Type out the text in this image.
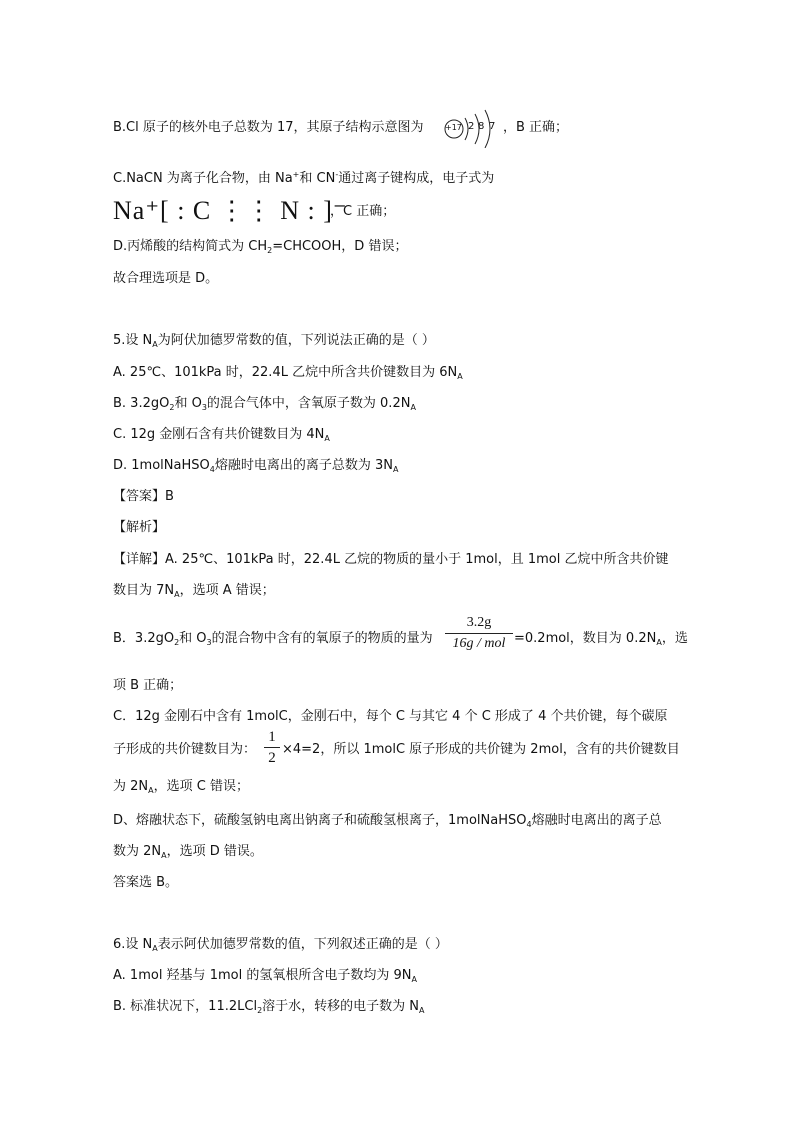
B.Cl 原子的核外电子总数为 17，其原子结构示意图为	+17 2 8 7 ，B 正确；
C.NaCN 为离子化合物，由 Na+和 CN-通过离子键构成，电子式为
Na⁺[ : C ⋮⋮ N : ]⁻
，C 正确；
D.丙烯酸的结构简式为 $CH_2=CHCOOH$，D 错误；
故合理选项是 D。
5.设 $N_A$为阿伏加德罗常数的值，下列说法正确的是（ ）
A. 25℃、101kPa 时，22.4L 乙烷中所含共价键数目为 $6N_A$
B. $3.2gO_2$和 $O_3$的混合气体中，含氧原子数为 $0.2N_A$
C. 12g 金刚石含有共价键数目为 $4N_A$
D. 1molNaHSO$_4$熔融时电离出的离子总数为 $3N_A$
【答案】B
【解析】
【详解】A. 25℃、101kPa 时，22.4L 乙烷的物质的量小于 1mol，且 1mol 乙烷中所含共价键
数目为 $7N_A$，选项 A 错误；
B．$3.2gO_2$和 $O_3$的混合物中含有的氧原子的物质的量为
3.2g
16g / mol =0.2mol，数目为 $0.2N_A$，选
项 B 正确；
C．12g 金刚石中含有 1molC，金刚石中，每个 C 与其它 4 个 C 形成了 4 个共价键，每个碳原
子形成的共价键数目为：
1
2
×4=2，所以 1molC 原子形成的共价键为 2mol，含有的共价键数目
为 $2N_A$，选项 C 错误；
D、熔融状态下，硫酸氢钠电离出钠离子和硫酸氢根离子，1molNaHSO$_4$熔融时电离出的离子总
数为 $2N_A$，选项 D 错误。
答案选 B。
6.设 $N_A$表示阿伏加德罗常数的值，下列叙述正确的是（ ）
A. 1mol 羟基与 1mol 的氢氧根所含电子数均为 $9N_A$
B. 标准状况下，11.2LCl$_2$溶于水，转移的电子数为 $N_A$
